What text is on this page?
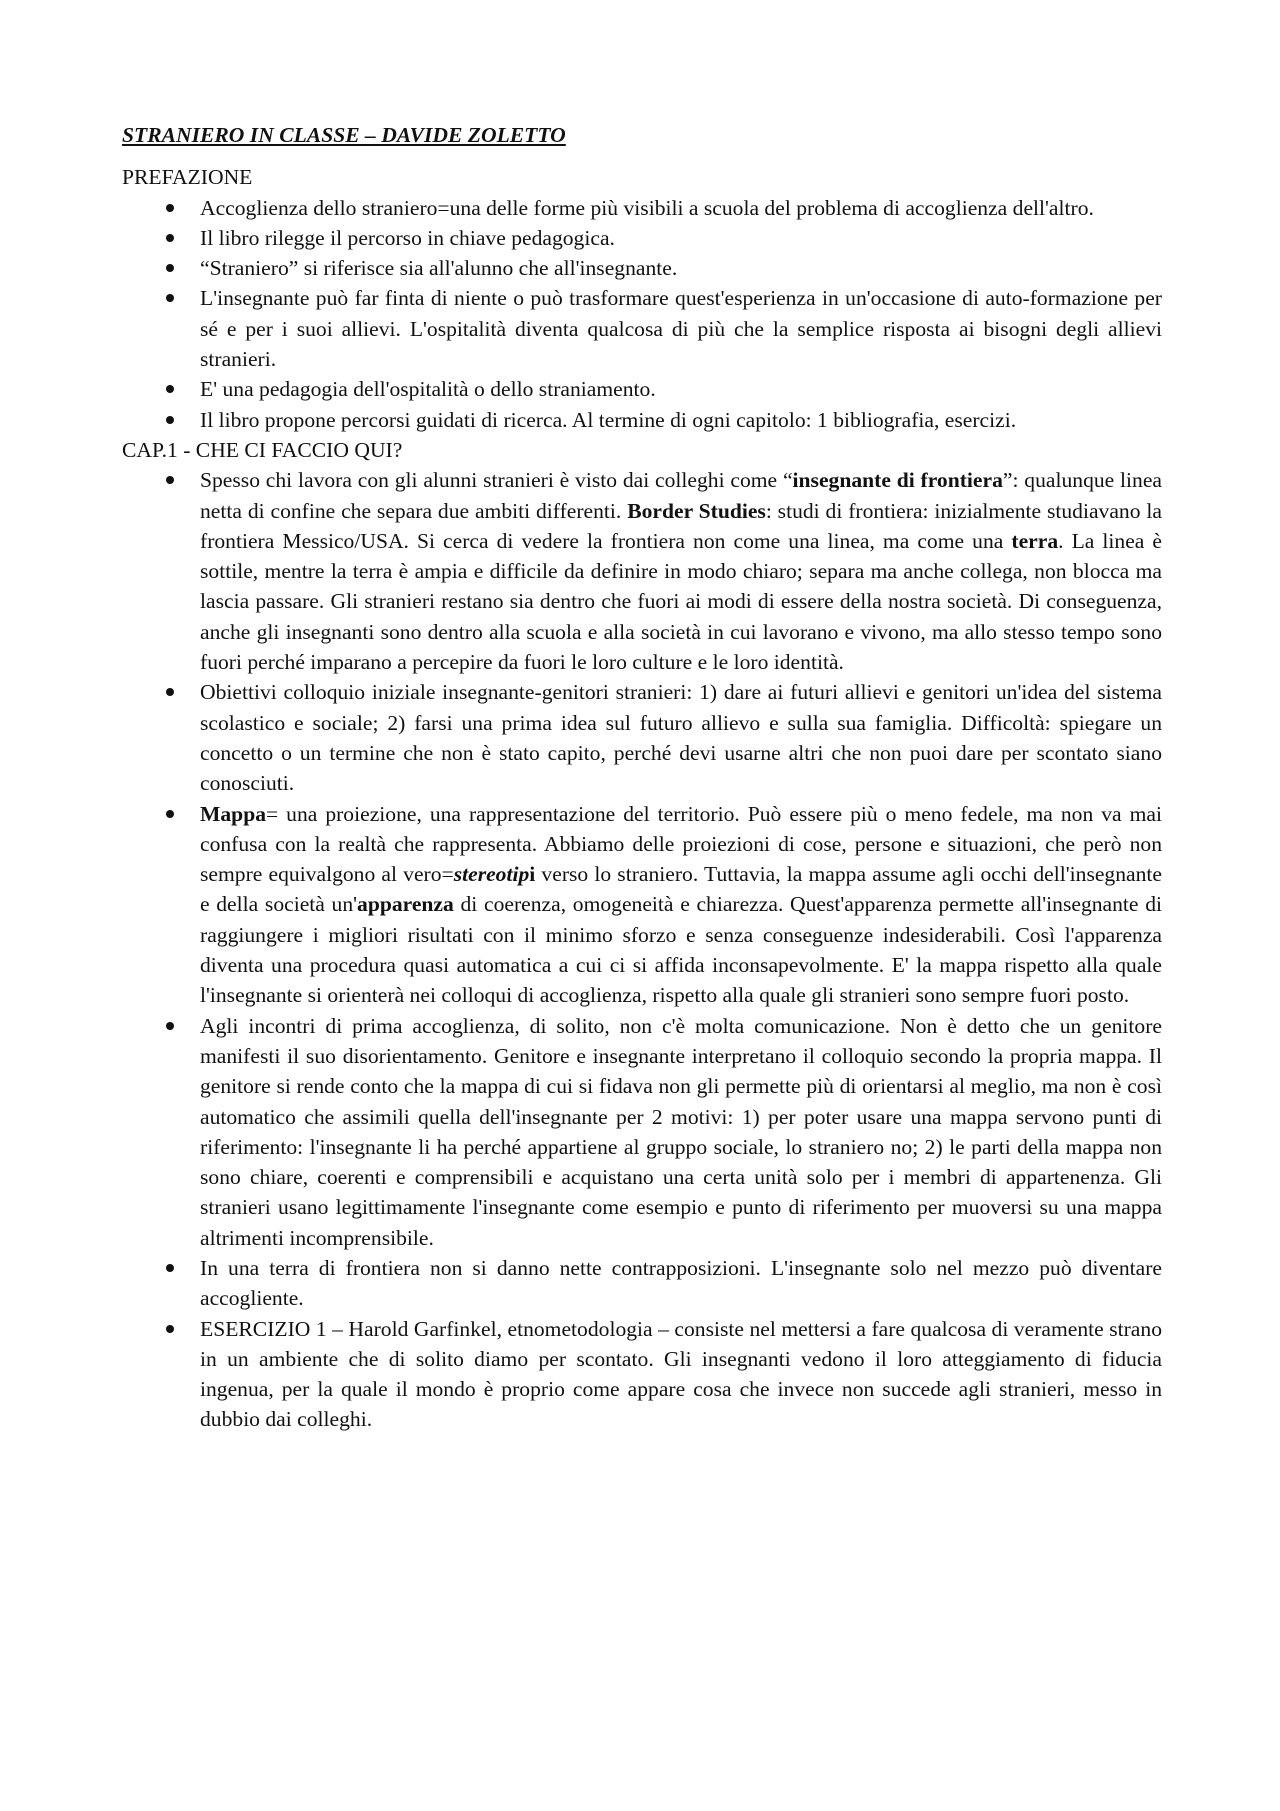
STRANIERO IN CLASSE – DAVIDE ZOLETTO
PREFAZIONE
Accoglienza dello straniero=una delle forme più visibili a scuola del problema di accoglienza dell'altro.
Il libro rilegge il percorso in chiave pedagogica.
“Straniero” si riferisce sia all'alunno che all'insegnante.
L'insegnante può far finta di niente o può trasformare quest'esperienza in un'occasione di auto-formazione per sé e per i suoi allievi. L'ospitalità diventa qualcosa di più che la semplice risposta ai bisogni degli allievi stranieri.
E' una pedagogia dell'ospitalità o dello straniamento.
Il libro propone percorsi guidati di ricerca. Al termine di ogni capitolo: 1 bibliografia, esercizi.
CAP.1 - CHE CI FACCIO QUI?
Spesso chi lavora con gli alunni stranieri è visto dai colleghi come “insegnante di frontiera”: qualunque linea netta di confine che separa due ambiti differenti. Border Studies: studi di frontiera: inizialmente studiavano la frontiera Messico/USA. Si cerca di vedere la frontiera non come una linea, ma come una terra. La linea è sottile, mentre la terra è ampia e difficile da definire in modo chiaro; separa ma anche collega, non blocca ma lascia passare. Gli stranieri restano sia dentro che fuori ai modi di essere della nostra società. Di conseguenza, anche gli insegnanti sono dentro alla scuola e alla società in cui lavorano e vivono, ma allo stesso tempo sono fuori perché imparano a percepire da fuori le loro culture e le loro identità.
Obiettivi colloquio iniziale insegnante-genitori stranieri: 1) dare ai futuri allievi e genitori un'idea del sistema scolastico e sociale; 2) farsi una prima idea sul futuro allievo e sulla sua famiglia. Difficoltà: spiegare un concetto o un termine che non è stato capito, perché devi usarne altri che non puoi dare per scontato siano conosciuti.
Mappa= una proiezione, una rappresentazione del territorio. Può essere più o meno fedele, ma non va mai confusa con la realtà che rappresenta. Abbiamo delle proiezioni di cose, persone e situazioni, che però non sempre equivalgono al vero=stereotipi verso lo straniero. Tuttavia, la mappa assume agli occhi dell'insegnante e della società un'apparenza di coerenza, omogeneità e chiarezza. Quest'apparenza permette all'insegnante di raggiungere i migliori risultati con il minimo sforzo e senza conseguenze indesiderabili. Così l'apparenza diventa una procedura quasi automatica a cui ci si affida inconsapevolmente. E' la mappa rispetto alla quale l'insegnante si orienterà nei colloqui di accoglienza, rispetto alla quale gli stranieri sono sempre fuori posto.
Agli incontri di prima accoglienza, di solito, non c'è molta comunicazione. Non è detto che un genitore manifesti il suo disorientamento. Genitore e insegnante interpretano il colloquio secondo la propria mappa. Il genitore si rende conto che la mappa di cui si fidava non gli permette più di orientarsi al meglio, ma non è così automatico che assimili quella dell'insegnante per 2 motivi: 1) per poter usare una mappa servono punti di riferimento: l'insegnante li ha perché appartiene al gruppo sociale, lo straniero no; 2) le parti della mappa non sono chiare, coerenti e comprensibili e acquistano una certa unità solo per i membri di appartenenza. Gli stranieri usano legittimamente l'insegnante come esempio e punto di riferimento per muoversi su una mappa altrimenti incomprensibile.
In una terra di frontiera non si danno nette contrapposizioni. L'insegnante solo nel mezzo può diventare accogliente.
ESERCIZIO 1 – Harold Garfinkel, etnometodologia – consiste nel mettersi a fare qualcosa di veramente strano in un ambiente che di solito diamo per scontato. Gli insegnanti vedono il loro atteggiamento di fiducia ingenua, per la quale il mondo è proprio come appare cosa che invece non succede agli stranieri, messo in dubbio dai colleghi.
